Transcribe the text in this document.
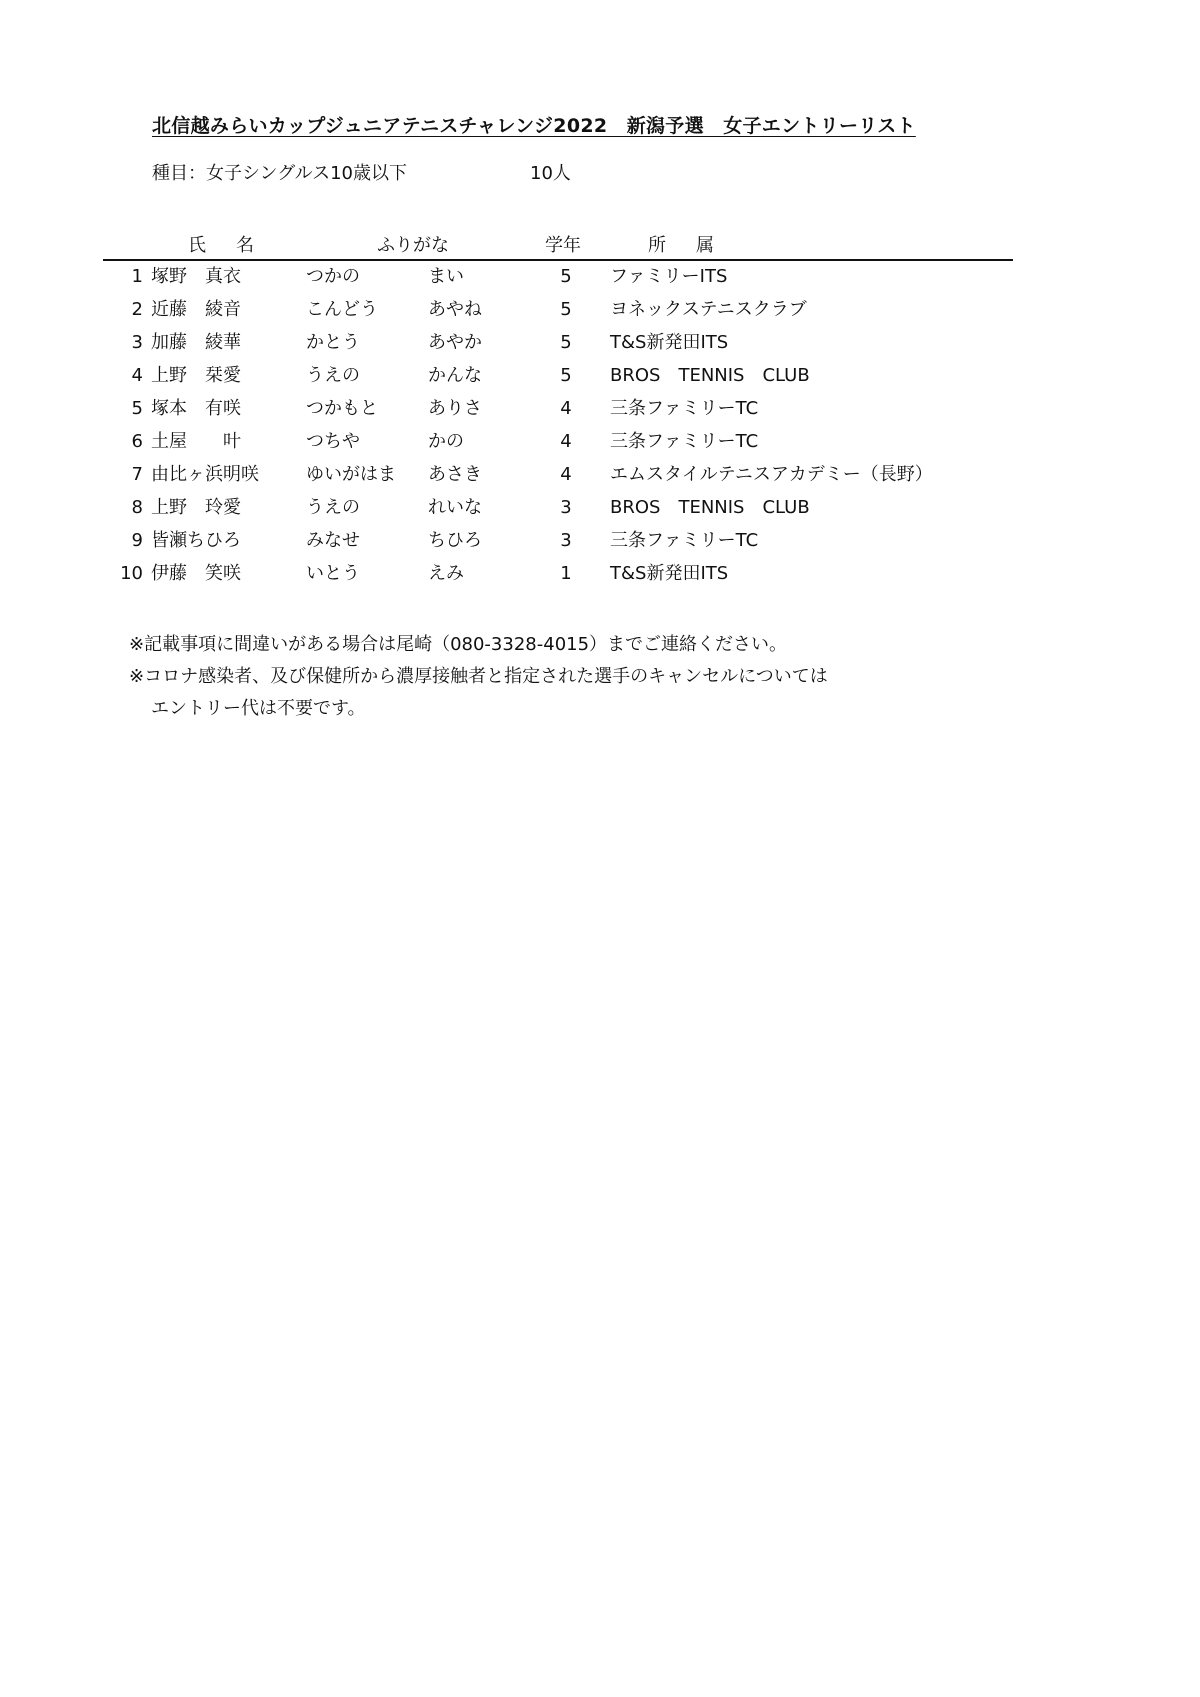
北信越みらいカップジュニアテニスチャレンジ2022　新潟予選　女子エントリーリスト
種目：女子シングルス10歳以下	10人
氏名	ふりがな	学年	所属
1 塚野　真衣	つかの	まい	5 ファミリーITS
2 近藤　綾音	こんどう	あやね	5 ヨネックステニスクラブ
3 加藤　綾華	かとう	あやか	5 T&S新発田ITS
4 上野　栞愛	うえの	かんな	5 BROS　TENNIS　CLUB
5 塚本　有咲	つかもと	ありさ	4 三条ファミリーTC
6 土屋　　叶	つちや	かの	4 三条ファミリーTC
7 由比ヶ浜明咲	ゆいがはま あさき	4 エムスタイルテニスアカデミー（長野）
8 上野　玲愛	うえの	れいな	3 BROS　TENNIS　CLUB
9 皆瀬ちひろ	みなせ	ちひろ	3 三条ファミリーTC
10 伊藤　笑咲	いとう	えみ	1 T&S新発田ITS
※記載事項に間違いがある場合は尾崎（080-3328-4015）までご連絡ください。
※コロナ感染者、及び保健所から濃厚接触者と指定された選手のキャンセルについては
エントリー代は不要です。
